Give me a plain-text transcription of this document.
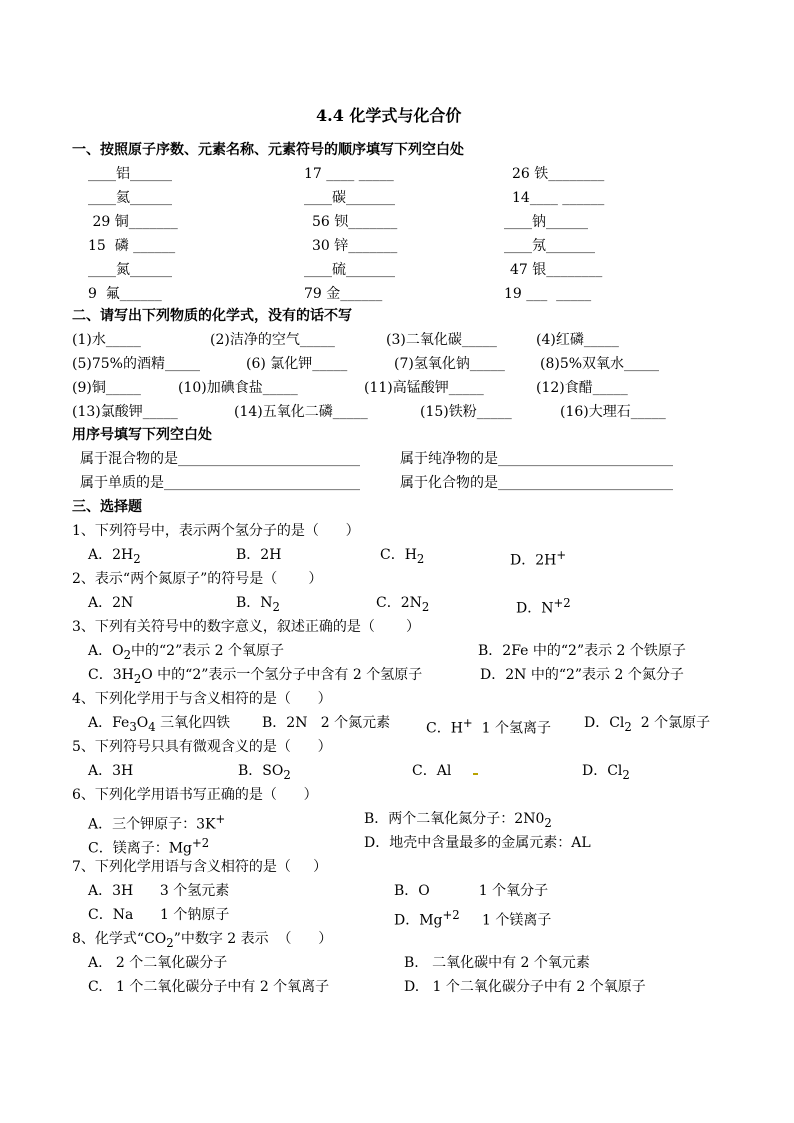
4.4 化学式与化合价

一、按照原子序数、元素名称、元素符号的顺序填写下列空白处

____铝______	17 ____ _____	26 铁________

____氦______	____碳_______	14____ ______

29 铜_______	56 钡_______	____钠______

15  磷 ______	30 锌_______	____氖_______

____氮______	____硫_______	47 银________

9  氟______	79 金______	19 ___  _____

二、请写出下列物质的化学式，没有的话不写

(1)水_____	(2)洁净的空气_____	(3)二氧化碳_____	(4)红磷_____

(5)75%的酒精_____	(6) 氯化钾_____	(7)氢氧化钠_____	(8)5%双氧水_____

(9)铜_____	(10)加碘食盐_____	(11)高锰酸钾_____	(12)食醋_____

(13)氯酸钾_____	(14)五氧化二磷_____	(15)铁粉_____	(16)大理石_____

用序号填写下列空白处

属于混合物的是__________________________	属于纯净物的是_________________________

属于单质的是____________________________	属于化合物的是_________________________

三、选择题

1、下列符号中，表示两个氢分子的是（      ）

A．$2H_2$	B．2H	C．$H_2$	D．2H+

2、表示“两个氮原子”的符号是（       ）

A．2N	B．$N_2$	C．$2N_2$	D．$N^{+2}$

3、下列有关符号中的数字意义，叙述正确的是（       ）

A．$O_2$中的“2”表示 2 个氧原子	B．2Fe 中的“2”表示 2 个铁原子

C．$3H_2O$ 中的“2”表示一个氢分子中含有 2 个氢原子	D．2N 中的“2”表示 2 个氮分子

4、下列化学用于与含义相符的是（      ）

A．$Fe_3O_4$ 三氧化四铁 B．2N   2 个氮元素	C．H+  1 个氢离子 D．$Cl_2$  2 个氯原子

5、下列符号只具有微观含义的是（      ）

A．3H	B．$SO_2$	C．Al	D．$Cl_2$

6、下列化学用语书写正确的是（      ）

A．三个钾原子：3K+	B．两个二氧化氮分子：$2N0_2$

C．镁离子：$Mg^{+2}$	D．地壳中含量最多的金属元素：AL

7、下列化学用语与含义相符的是（     ）

A．3H      3 个氢元素	B．O           1 个氧分子

C．Na      1 个钠原子	D．$Mg^{+2}$     1 个镁离子

8、化学式“$CO_2$”中数字 2 表示  （      ）

A.   2 个二氧化碳分子	B.   二氧化碳中有 2 个氧元素

C.   1 个二氧化碳分子中有 2 个氧离子	D.   1 个二氧化碳分子中有 2 个氧原子
